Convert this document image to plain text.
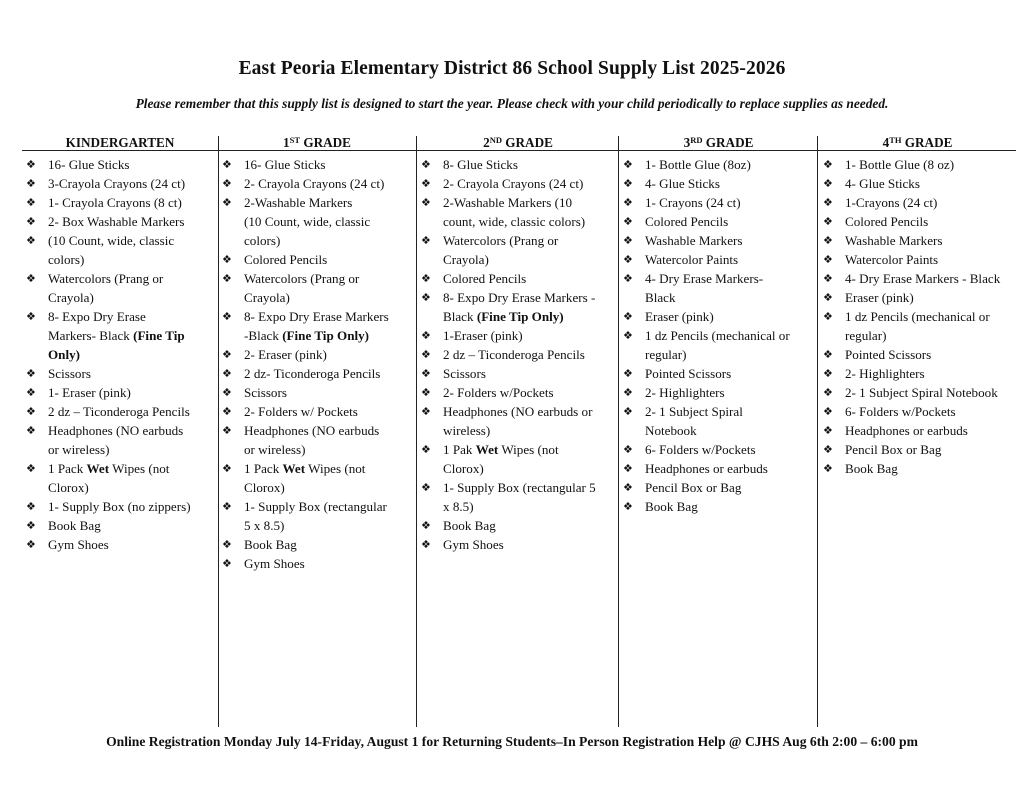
East Peoria Elementary District 86 School Supply List 2025-2026
Please remember that this supply list is designed to start the year. Please check with your child periodically to replace supplies as needed.
KINDERGARTEN
❖ 16- Glue Sticks
❖ 3-Crayola Crayons (24 ct)
❖ 1- Crayola Crayons (8 ct)
❖ 2- Box Washable Markers
❖ (10 Count, wide, classic
colors)
❖ Watercolors (Prang or
Crayola)
❖ 8- Expo Dry Erase
Markers- Black (Fine Tip
Only)
❖ Scissors
❖ 1- Eraser (pink)
❖ 2 dz – Ticonderoga Pencils
❖ Headphones (NO earbuds
or wireless)
❖ 1 Pack Wet Wipes (not
Clorox)
❖ 1- Supply Box (no zippers)
❖ Book Bag
❖ Gym Shoes
1ST GRADE
❖ 16- Glue Sticks
❖ 2- Crayola Crayons (24 ct)
❖ 2-Washable Markers
(10 Count, wide, classic
colors)
❖ Colored Pencils
❖ Watercolors (Prang or
Crayola)
❖ 8- Expo Dry Erase Markers
-Black (Fine Tip Only)
❖ 2- Eraser (pink)
❖ 2 dz- Ticonderoga Pencils
❖ Scissors
❖ 2- Folders w/ Pockets
❖ Headphones (NO earbuds
or wireless)
❖ 1 Pack Wet Wipes (not
Clorox)
❖ 1- Supply Box (rectangular
5 x 8.5)
❖ Book Bag
❖ Gym Shoes
2ND GRADE
❖ 8- Glue Sticks
❖ 2- Crayola Crayons (24 ct)
❖ 2-Washable Markers (10
count, wide, classic colors)
❖ Watercolors (Prang or
Crayola)
❖ Colored Pencils
❖ 8- Expo Dry Erase Markers -
Black (Fine Tip Only)
❖ 1-Eraser (pink)
❖ 2 dz – Ticonderoga Pencils
❖ Scissors
❖ 2- Folders w/Pockets
❖ Headphones (NO earbuds or
wireless)
❖ 1 Pak Wet Wipes (not
Clorox)
❖ 1- Supply Box (rectangular 5
x 8.5)
❖ Book Bag
❖ Gym Shoes
3RD GRADE
❖ 1- Bottle Glue (8oz)
❖ 4- Glue Sticks
❖ 1- Crayons (24 ct)
❖ Colored Pencils
❖ Washable Markers
❖ Watercolor Paints
❖ 4- Dry Erase Markers-
Black
❖ Eraser (pink)
❖ 1 dz Pencils (mechanical or
regular)
❖ Pointed Scissors
❖ 2- Highlighters
❖ 2- 1 Subject Spiral
Notebook
❖ 6- Folders w/Pockets
❖ Headphones or earbuds
❖ Pencil Box or Bag
❖ Book Bag
4TH GRADE
❖ 1- Bottle Glue (8 oz)
❖ 4- Glue Sticks
❖ 1-Crayons (24 ct)
❖ Colored Pencils
❖ Washable Markers
❖ Watercolor Paints
❖ 4- Dry Erase Markers - Black
❖ Eraser (pink)
❖ 1 dz Pencils (mechanical or
regular)
❖ Pointed Scissors
❖ 2- Highlighters
❖ 2- 1 Subject Spiral Notebook
❖ 6- Folders w/Pockets
❖ Headphones or earbuds
❖ Pencil Box or Bag
❖ Book Bag
Online Registration Monday July 14-Friday, August 1 for Returning Students–In Person Registration Help @ CJHS Aug 6th 2:00 – 6:00 pm
